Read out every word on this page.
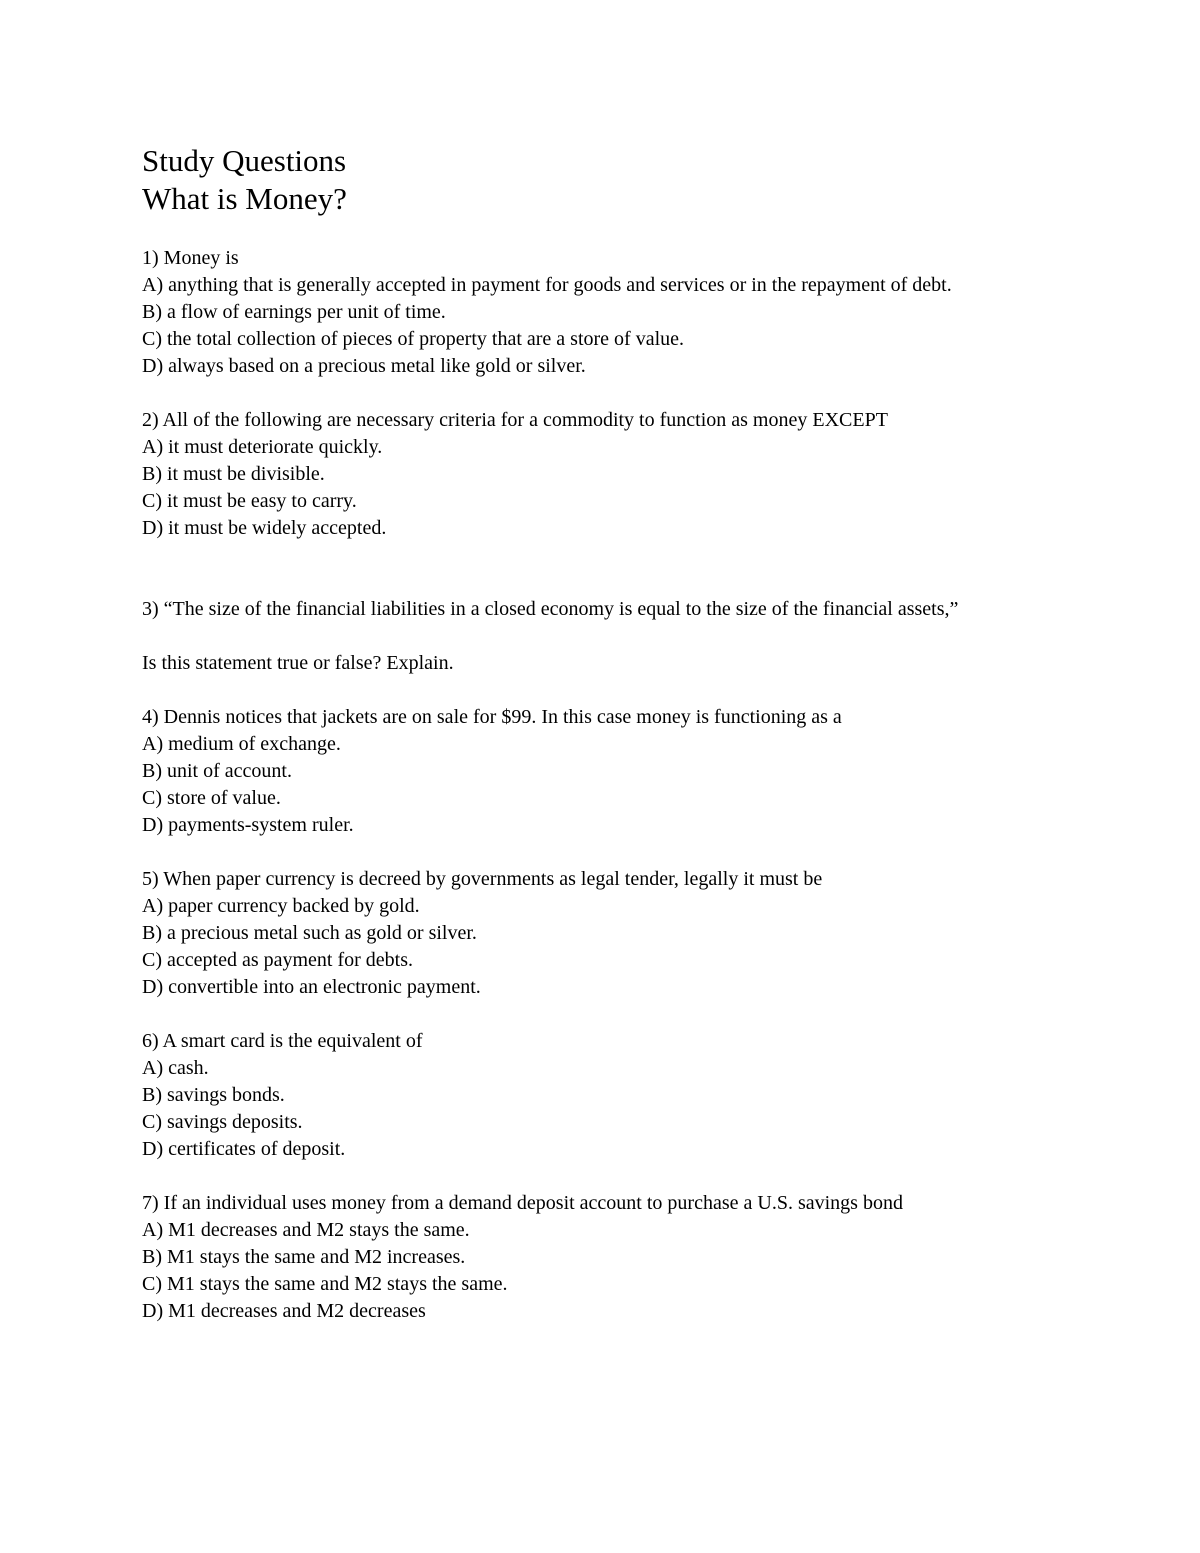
Study Questions
What is Money?
1) Money is
A) anything that is generally accepted in payment for goods and services or in the repayment of debt.
B) a flow of earnings per unit of time.
C) the total collection of pieces of property that are a store of value.
D) always based on a precious metal like gold or silver.
2) All of the following are necessary criteria for a commodity to function as money EXCEPT
A) it must deteriorate quickly.
B) it must be divisible.
C) it must be easy to carry.
D) it must be widely accepted.
3) “The size of the financial liabilities in a closed economy is equal to the size of the financial assets,”
Is this statement true or false? Explain.
4) Dennis notices that jackets are on sale for $99. In this case money is functioning as a
A) medium of exchange.
B) unit of account.
C) store of value.
D) payments-system ruler.
5) When paper currency is decreed by governments as legal tender, legally it must be
A) paper currency backed by gold.
B) a precious metal such as gold or silver.
C) accepted as payment for debts.
D) convertible into an electronic payment.
6) A smart card is the equivalent of
A) cash.
B) savings bonds.
C) savings deposits.
D) certificates of deposit.
7) If an individual uses money from a demand deposit account to purchase a U.S. savings bond
A) M1 decreases and M2 stays the same.
B) M1 stays the same and M2 increases.
C) M1 stays the same and M2 stays the same.
D) M1 decreases and M2 decreases
